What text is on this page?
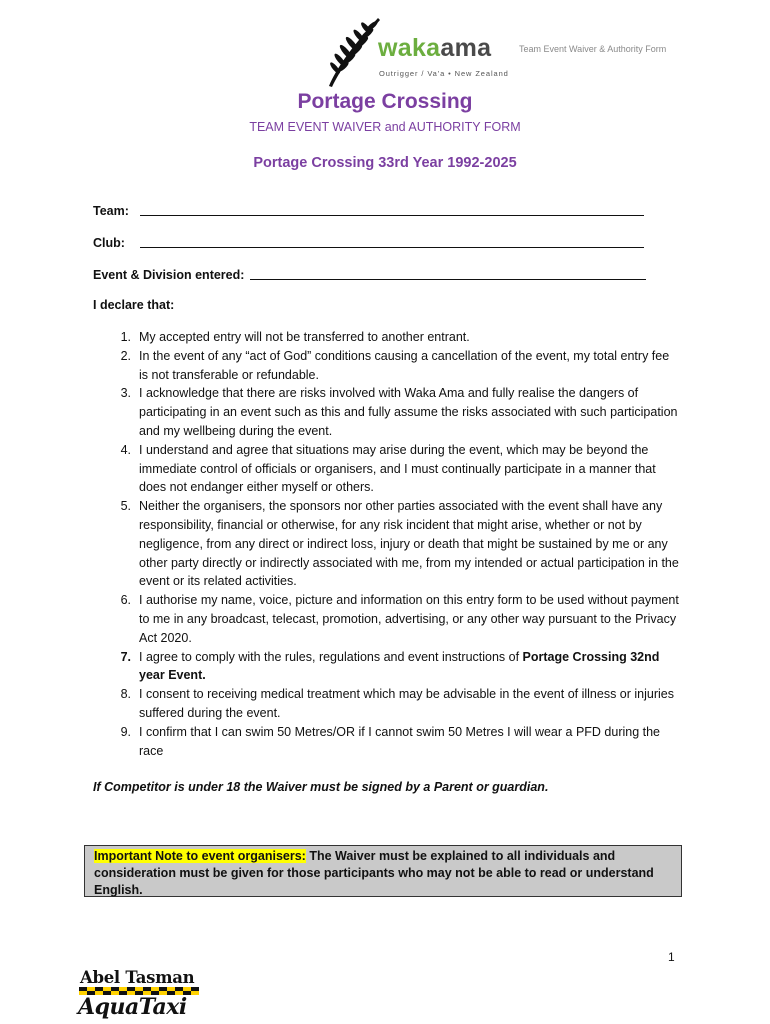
wakaama
Outrigger / Va'a • New Zealand
Team Event Waiver & Authority Form
Portage Crossing
TEAM EVENT WAIVER and AUTHORITY FORM
Portage Crossing 33rd Year 1992-2025
Team:
Club:
Event & Division entered:
I declare that:
1. My accepted entry will not be transferred to another entrant.
2. In the event of any “act of God” conditions causing a cancellation of the event, my total entry fee is not transferable or refundable.
3. I acknowledge that there are risks involved with Waka Ama and fully realise the dangers of participating in an event such as this and fully assume the risks associated with such participation and my wellbeing during the event.
4. I understand and agree that situations may arise during the event, which may be beyond the immediate control of officials or organisers, and I must continually participate in a manner that does not endanger either myself or others.
5. Neither the organisers, the sponsors nor other parties associated with the event shall have any responsibility, financial or otherwise, for any risk incident that might arise, whether or not by negligence, from any direct or indirect loss, injury or death that might be sustained by me or any other party directly or indirectly associated with me, from my intended or actual participation in the event or its related activities.
6. I authorise my name, voice, picture and information on this entry form to be used without payment to me in any broadcast, telecast, promotion, advertising, or any other way pursuant to the Privacy Act 2020.
7. I agree to comply with the rules, regulations and event instructions of Portage Crossing 32nd year Event.
8. I consent to receiving medical treatment which may be advisable in the event of illness or injuries suffered during the event.
9. I confirm that I can swim 50 Metres/OR if I cannot swim 50 Metres I will wear a PFD during the race
If Competitor is under 18 the Waiver must be signed by a Parent or guardian.
Important Note to event organisers: The Waiver must be explained to all individuals and consideration must be given for those participants who may not be able to read or understand English.
1
Abel Tasman
AquaTaxi
